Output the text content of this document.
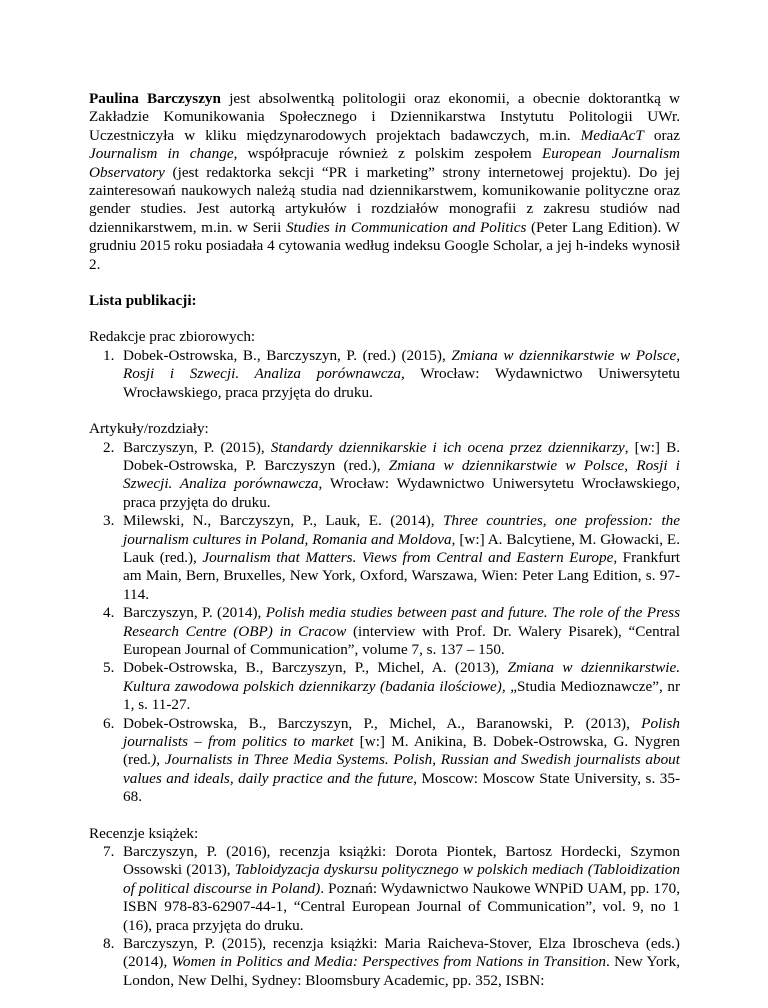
Paulina Barczyszyn jest absolwentką politologii oraz ekonomii, a obecnie doktorantką w Zakładzie Komunikowania Społecznego i Dziennikarstwa Instytutu Politologii UWr. Uczestniczyła w kliku międzynarodowych projektach badawczych, m.in. MediaAcT oraz Journalism in change, współpracuje również z polskim zespołem European Journalism Observatory (jest redaktorka sekcji “PR i marketing” strony internetowej projektu). Do jej zainteresowań naukowych należą studia nad dziennikarstwem, komunikowanie polityczne oraz gender studies. Jest autorką artykułów i rozdziałów monografii z zakresu studiów nad dziennikarstwem, m.in. w Serii Studies in Communication and Politics (Peter Lang Edition). W grudniu 2015 roku posiadała 4 cytowania według indeksu Google Scholar, a jej h-indeks wynosił 2.

Lista publikacji:

Redakcje prac zbiorowych:

1. Dobek-Ostrowska, B., Barczyszyn, P. (red.) (2015), Zmiana w dziennikarstwie w Polsce, Rosji i Szwecji. Analiza porównawcza, Wrocław: Wydawnictwo Uniwersytetu Wrocławskiego, praca przyjęta do druku.

Artykuły/rozdziały:

2. Barczyszyn, P. (2015), Standardy dziennikarskie i ich ocena przez dziennikarzy, [w:] B. Dobek-Ostrowska, P. Barczyszyn (red.), Zmiana w dziennikarstwie w Polsce, Rosji i Szwecji. Analiza porównawcza, Wrocław: Wydawnictwo Uniwersytetu Wrocławskiego, praca przyjęta do druku.
3. Milewski, N., Barczyszyn, P., Lauk, E. (2014), Three countries, one profession: the journalism cultures in Poland, Romania and Moldova, [w:] A. Balcytiene, M. Głowacki, E. Lauk (red.), Journalism that Matters. Views from Central and Eastern Europe, Frankfurt am Main, Bern, Bruxelles, New York, Oxford, Warszawa, Wien: Peter Lang Edition, s. 97-114.
4. Barczyszyn, P. (2014), Polish media studies between past and future. The role of the Press Research Centre (OBP) in Cracow (interview with Prof. Dr. Walery Pisarek), “Central European Journal of Communication”, volume 7, s. 137 – 150.
5. Dobek-Ostrowska, B., Barczyszyn, P., Michel, A. (2013), Zmiana w dziennikarstwie. Kultura zawodowa polskich dziennikarzy (badania ilościowe), „Studia Medioznawcze”, nr 1, s. 11-27.
6. Dobek-Ostrowska, B., Barczyszyn, P., Michel, A., Baranowski, P. (2013), Polish journalists – from politics to market [w:] M. Anikina, B. Dobek-Ostrowska, G. Nygren (red.), Journalists in Three Media Systems. Polish, Russian and Swedish journalists about values and ideals, daily practice and the future, Moscow: Moscow State University, s. 35-68.

Recenzje książek:

7. Barczyszyn, P. (2016), recenzja książki: Dorota Piontek, Bartosz Hordecki, Szymon Ossowski (2013), Tabloidyzacja dyskursu politycznego w polskich mediach (Tabloidization of political discourse in Poland). Poznań: Wydawnictwo Naukowe WNPiD UAM, pp. 170, ISBN 978-83-62907-44-1, “Central European Journal of Communication”, vol. 9, no 1 (16), praca przyjęta do druku.
8. Barczyszyn, P. (2015), recenzja książki: Maria Raicheva-Stover, Elza Ibroscheva (eds.) (2014), Women in Politics and Media: Perspectives from Nations in Transition. New York, London, New Delhi, Sydney: Bloomsbury Academic, pp. 352, ISBN:
